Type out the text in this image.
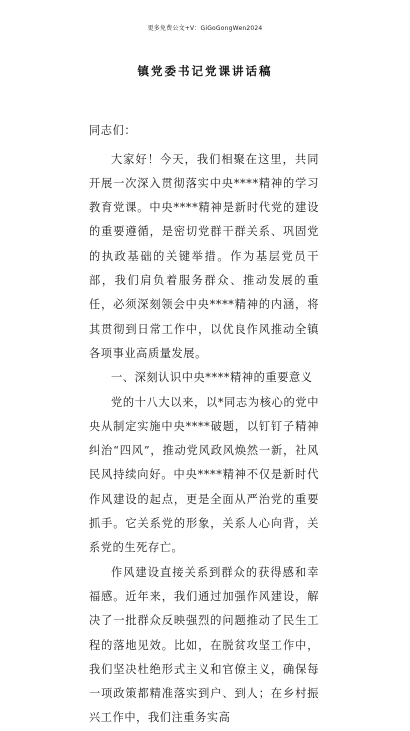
更多免费公文+V：GiGoGongWen2024
镇党委书记党课讲话稿
同志们：

大家好！今天，我们相聚在这里，共同开展一次深入贯彻落实中央****精神的学习教育党课。中央****精神是新时代党的建设的重要遵循，是密切党群干群关系、巩固党的执政基础的关键举措。作为基层党员干部，我们肩负着服务群众、推动发展的重任，必须深刻领会中央****精神的内涵，将其贯彻到日常工作中，以优良作风推动全镇各项事业高质量发展。

一、深刻认识中央****精神的重要意义

党的十八大以来，以*同志为核心的党中央从制定实施中央****破题，以钉钉子精神纠治“四风”，推动党风政风焕然一新，社风民风持续向好。中央****精神不仅是新时代作风建设的起点，更是全面从严治党的重要抓手。它关系党的形象，关系人心向背，关系党的生死存亡。

作风建设直接关系到群众的获得感和幸福感。近年来，我们通过加强作风建设，解决了一批群众反映强烈的问题推动了民生工程的落地见效。比如，在脱贫攻坚工作中，我们坚决杜绝形式主义和官僚主义，确保每一项政策都精准落实到户、到人；在乡村振兴工作中，我们注重务实高
